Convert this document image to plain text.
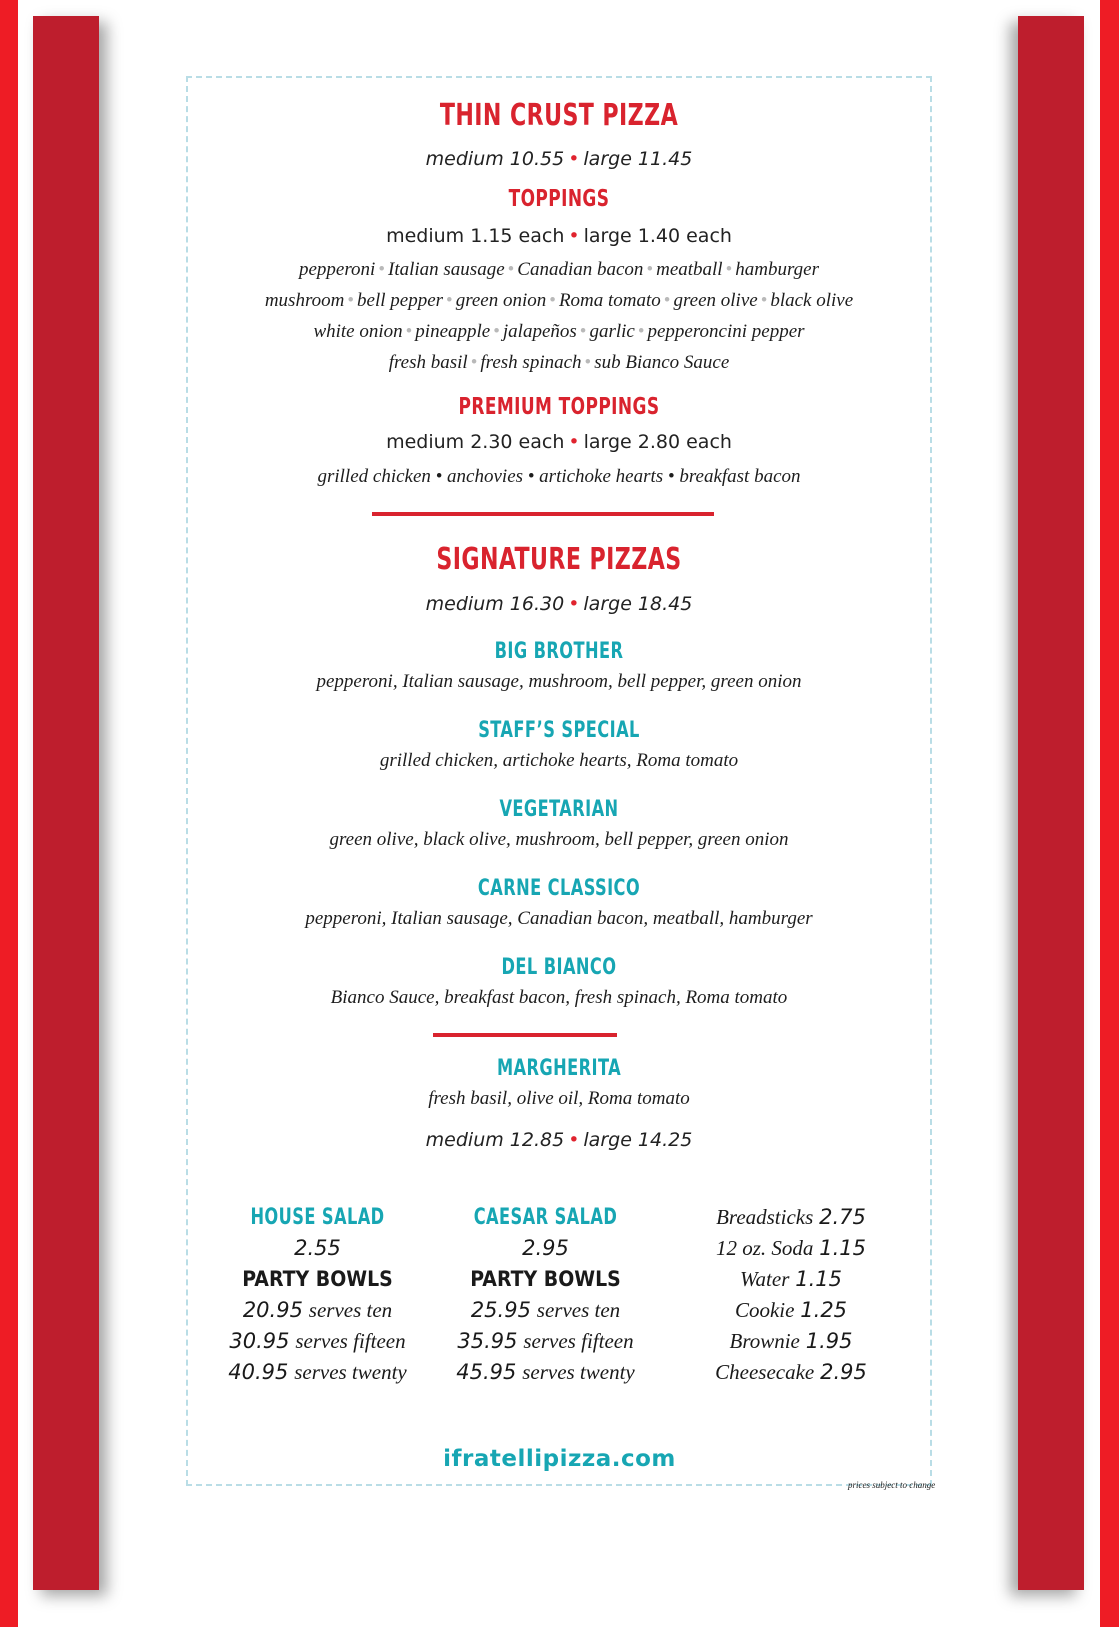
THIN CRUST PIZZA
medium 10.55 • large 11.45
TOPPINGS
medium 1.15 each • large 1.40 each
pepperoni • Italian sausage • Canadian bacon • meatball • hamburger
mushroom • bell pepper • green onion • Roma tomato • green olive • black olive
white onion • pineapple • jalapeños • garlic • pepperoncini pepper
fresh basil • fresh spinach • sub Bianco Sauce
PREMIUM TOPPINGS
medium 2.30 each • large 2.80 each
grilled chicken • anchovies • artichoke hearts • breakfast bacon
SIGNATURE PIZZAS
medium 16.30 • large 18.45
BIG BROTHER
pepperoni, Italian sausage, mushroom, bell pepper, green onion
STAFF’S SPECIAL
grilled chicken, artichoke hearts, Roma tomato
VEGETARIAN
green olive, black olive, mushroom, bell pepper, green onion
CARNE CLASSICO
pepperoni, Italian sausage, Canadian bacon, meatball, hamburger
DEL BIANCO
Bianco Sauce, breakfast bacon, fresh spinach, Roma tomato
MARGHERITA
fresh basil, olive oil, Roma tomato
medium 12.85 • large 14.25
HOUSE SALAD
2.55
PARTY BOWLS
20.95 serves ten
30.95 serves fifteen
40.95 serves twenty
CAESAR SALAD
2.95
PARTY BOWLS
25.95 serves ten
35.95 serves fifteen
45.95 serves twenty
Breadsticks 2.75
12 oz. Soda 1.15
Water 1.15
Cookie 1.25
Brownie 1.95
Cheesecake 2.95
ifratellipizza.com
prices subject to change
